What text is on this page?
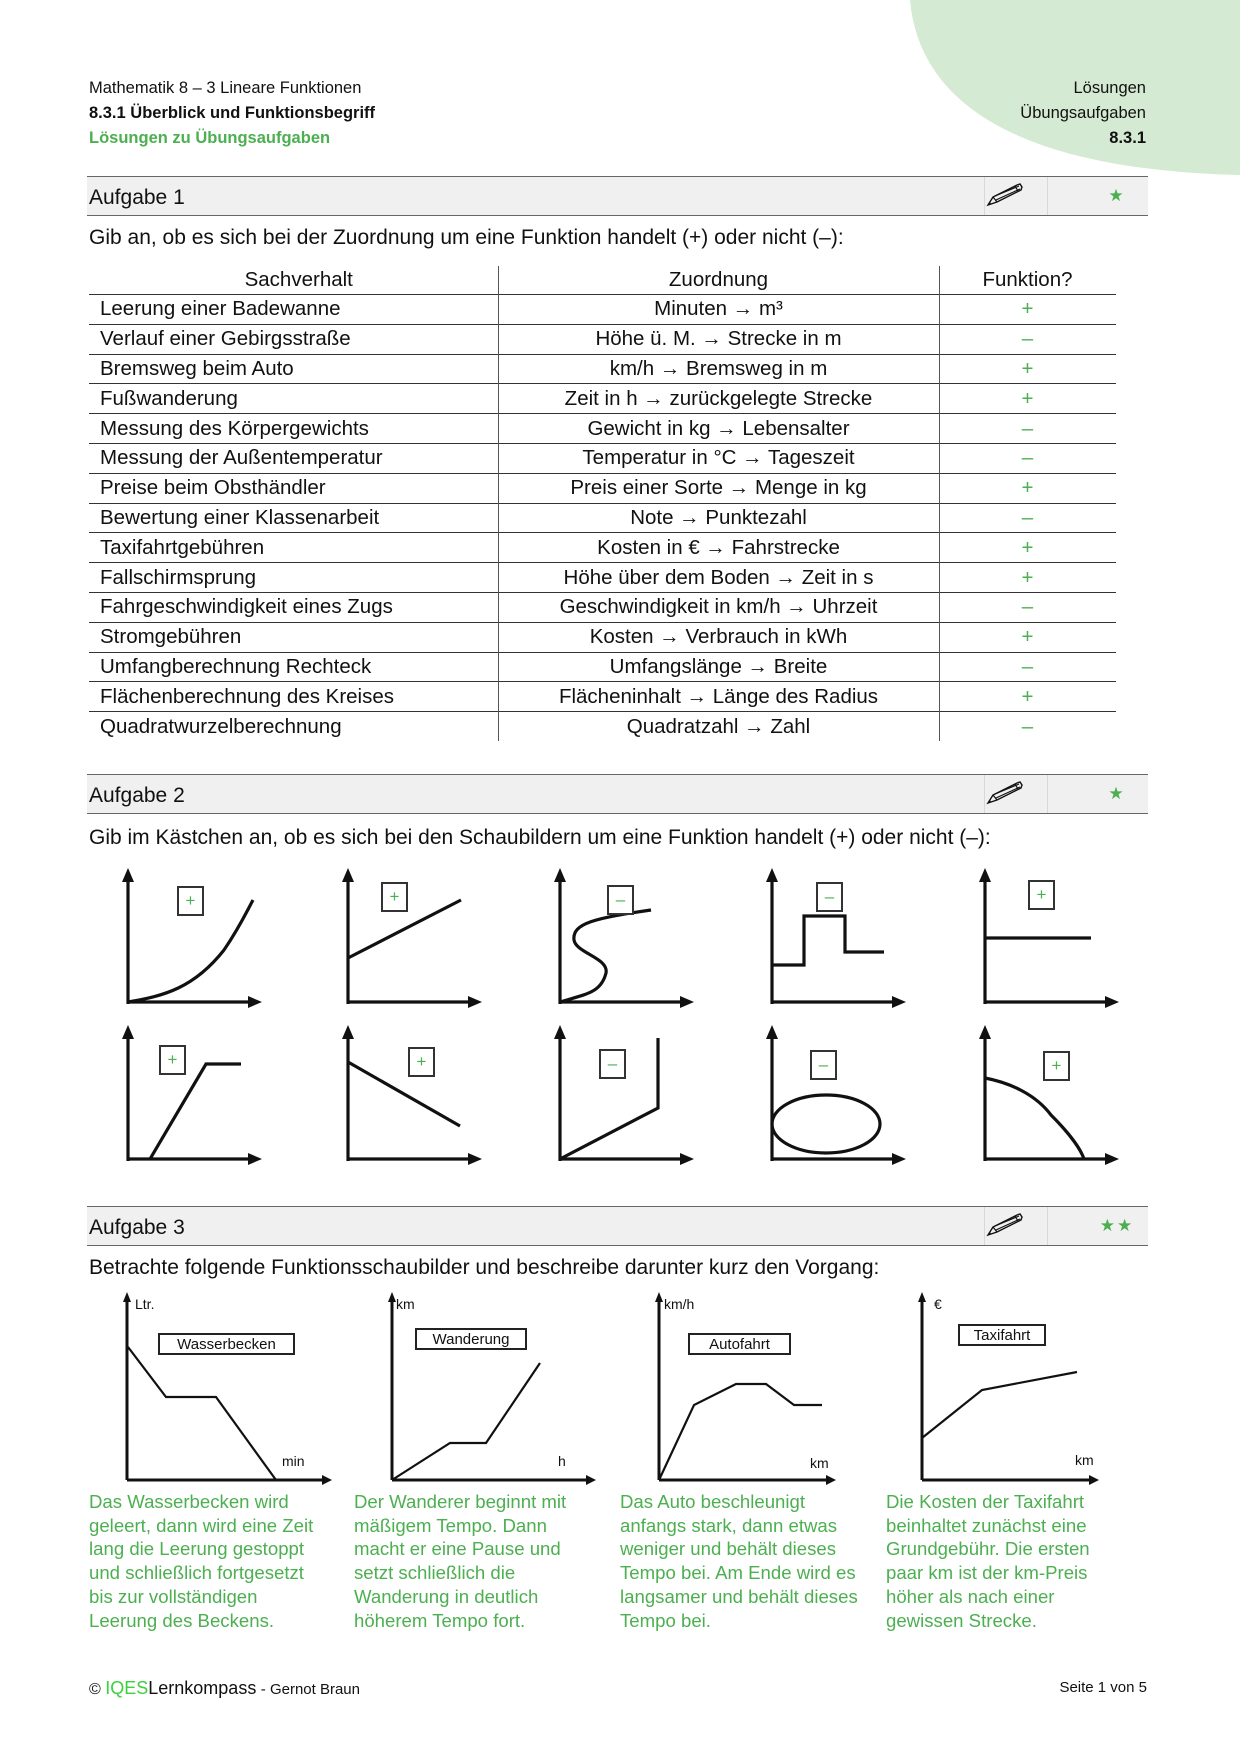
Mathematik 8 – 3 Lineare Funktionen
8.3.1 Überblick und Funktionsbegriff
Lösungen zu Übungsaufgaben
Lösungen
Übungsaufgaben
8.3.1
Aufgabe 1	★
Gib an, ob es sich bei der Zuordnung um eine Funktion handelt (+) oder nicht (–):
Sachverhalt	Zuordnung	Funktion?
Leerung einer Badewanne	Minuten → m³	+
Verlauf einer Gebirgsstraße	Höhe ü. M. → Strecke in m	–
Bremsweg beim Auto	km/h → Bremsweg in m	+
Fußwanderung	Zeit in h → zurückgelegte Strecke	+
Messung des Körpergewichts	Gewicht in kg → Lebensalter	–
Messung der Außentemperatur	Temperatur in °C → Tageszeit	–
Preise beim Obsthändler	Preis einer Sorte → Menge in kg	+
Bewertung einer Klassenarbeit	Note → Punktezahl	–
Taxifahrtgebühren	Kosten in € → Fahrstrecke	+
Fallschirmsprung	Höhe über dem Boden → Zeit in s	+
Fahrgeschwindigkeit eines Zugs	Geschwindigkeit in km/h → Uhrzeit	–
Stromgebühren	Kosten → Verbrauch in kWh	+
Umfangberechnung Rechteck	Umfangslänge → Breite	–
Flächenberechnung des Kreises	Flächeninhalt → Länge des Radius	+
Quadratwurzelberechnung	Quadratzahl → Zahl	–
Aufgabe 2	★
Gib im Kästchen an, ob es sich bei den Schaubildern um eine Funktion handelt (+) oder nicht (–):
+	+	–	–	+
+	+	–	–	+
Aufgabe 3	★★
Betrachte folgende Funktionsschaubilder und beschreibe darunter kurz den Vorgang:
Ltr.
min
Wasserbecken
km
h
Wanderung
km/h
km
Autofahrt
€
km
Taxifahrt
Das Wasserbecken wird geleert, dann wird eine Zeit lang die Leerung gestoppt und schließlich fortgesetzt bis zur vollständigen Leerung des Beckens.
Der Wanderer beginnt mit mäßigem Tempo. Dann macht er eine Pause und setzt schließlich die Wanderung in deutlich höherem Tempo fort.
Das Auto beschleunigt anfangs stark, dann etwas weniger und behält dieses Tempo bei. Am Ende wird es langsamer und behält dieses Tempo bei.
Die Kosten der Taxifahrt beinhaltet zunächst eine Grundgebühr. Die ersten paar km ist der km-Preis höher als nach einer gewissen Strecke.
© IQESLernkompass - Gernot Braun	Seite 1 von 5
